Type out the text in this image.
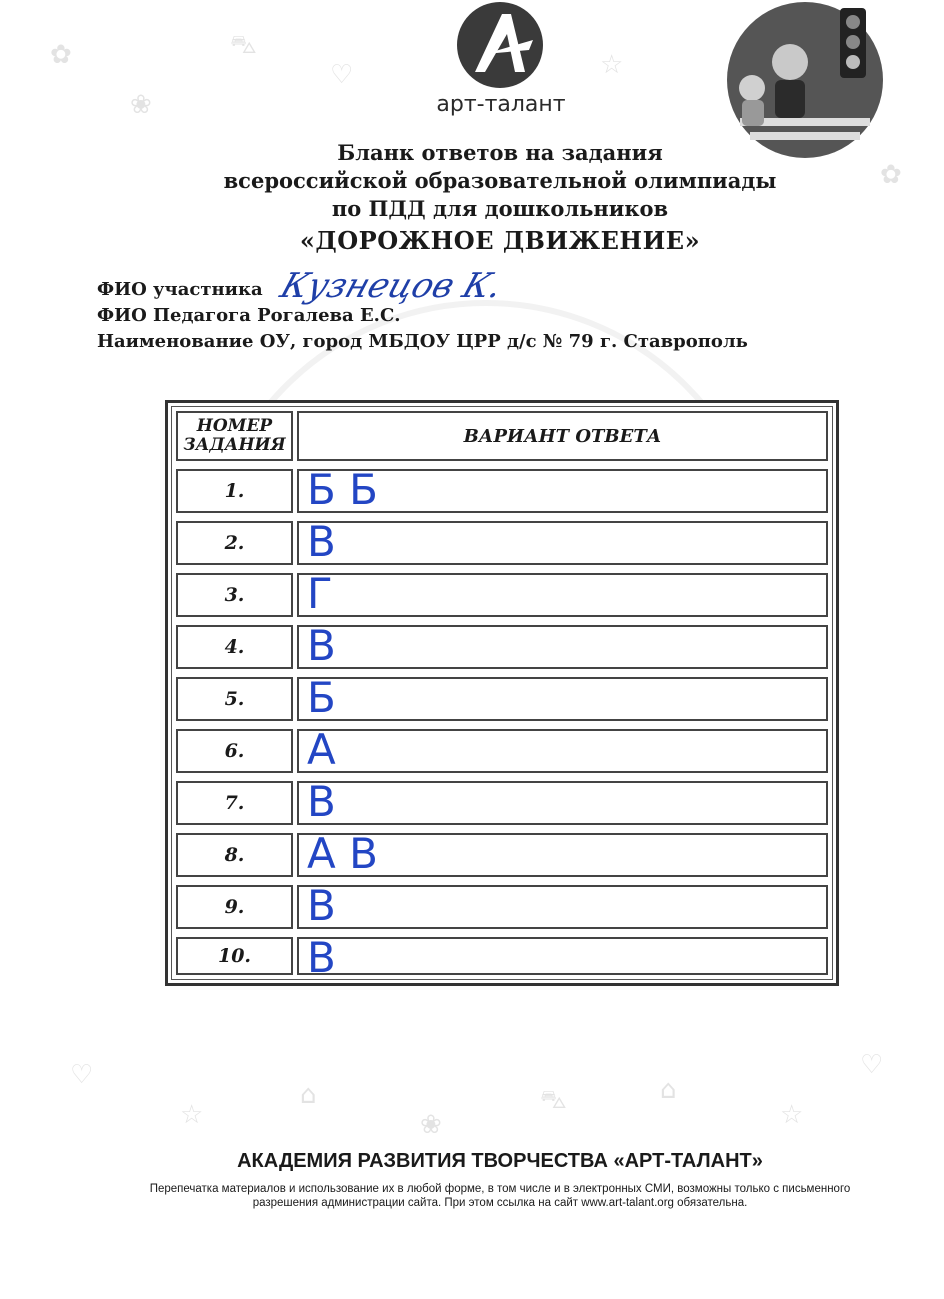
✿
❀
⛍
♡	☆
✿
♡
☆
⌂
❀
⛍	⌂
☆
♡
арт-талант
Бланк ответов на задания
всероссийской образовательной олимпиады
по ПДД для дошкольников
«ДОРОЖНОЕ ДВИЖЕНИЕ»
ФИО участника Кузнецов К.
ФИО Педагога Рогалева Е.С.
Наименование ОУ, город МБДОУ ЦРР д/с № 79 г. Ставрополь
НОМЕР
ЗАДАНИЯ	ВАРИАНТ ОТВЕТА
1.	Б Б
2.	В
3.	Г
4.	В
5.	Б
6.	А
7.	В
8.	А В
9.	В
10.	В
АКАДЕМИЯ РАЗВИТИЯ ТВОРЧЕСТВА «АРТ-ТАЛАНТ»
Перепечатка материалов и использование их в любой форме, в том числе и в электронных СМИ, возможны только с письменного
разрешения администрации сайта. При этом ссылка на сайт www.art-talant.org обязательна.
